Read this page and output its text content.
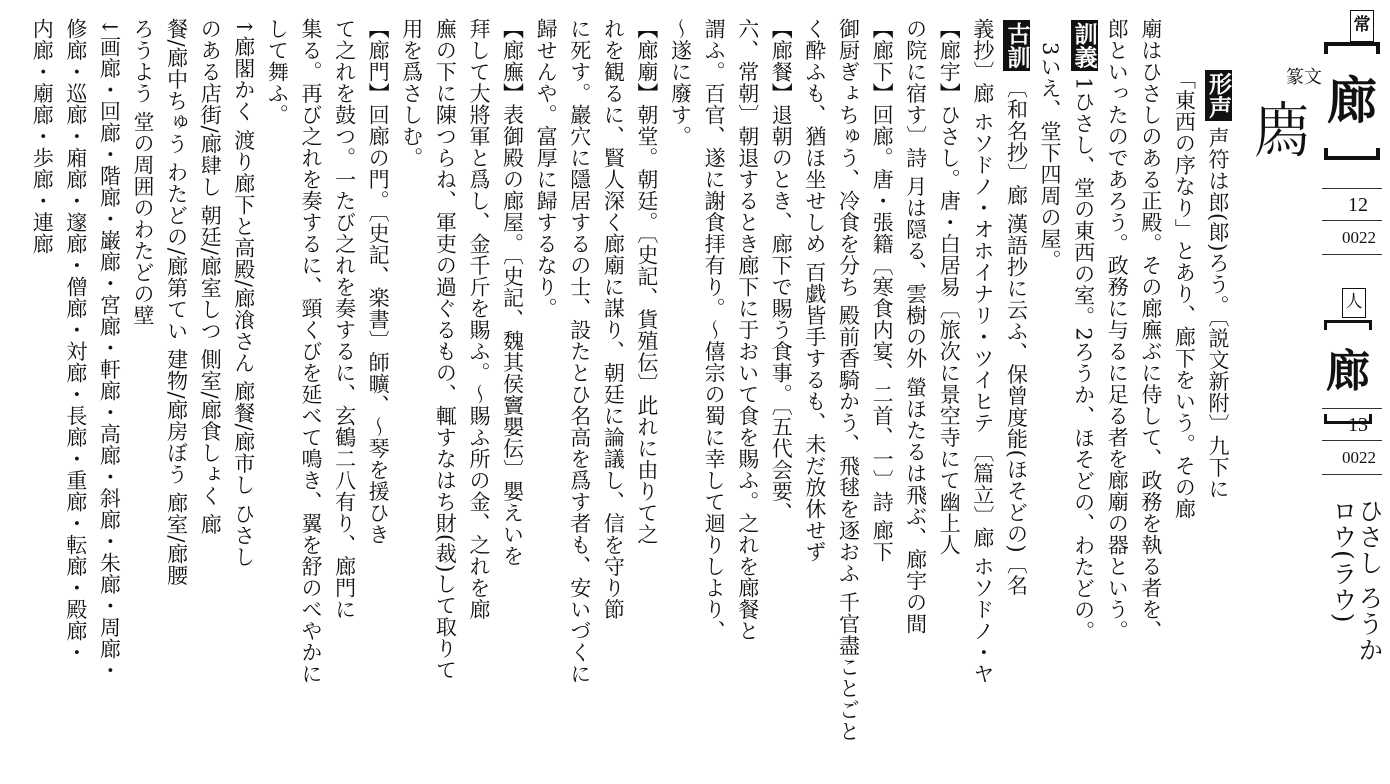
常
廊
篆文
𢊁
12
0022
人
廊
13
0022
ロウ(ラウ)
ひさし ろうか
形声声符は郎(郞)ろう。〔説文新附〕九下に
「東西の序なり」とあり、廊下をいう。その廊
廟はひさしのある正殿。その廊廡ぶに侍して、政務を執る者を、
郎といったのであろう。政務に与るに足る者を廊廟の器という。
訓義1ひさし、堂の東西の室。2ろうか、ほそどの、わたどの。
3いえ、堂下四周の屋。
古訓〔和名抄〕廊 漢語抄に云ふ、保曾度能(ほそどの)〔名
義抄〕廊 ホソドノ・オホイナリ・ツイヒテ 〔篇立〕廊 ホソドノ・ヤ
【廊宇】ひさし。唐・白居易〔旅次に景空寺にて幽上人
の院に宿す〕詩 月は隠る、雲樹の外 螢ほたるは飛ぶ、廊宇の間
【廊下】回廊。唐・張籍〔寒食内宴、二首、一〕詩 廊下
御厨ぎょちゅう、冷食を分ち 殿前香騎かう、飛毬を逐おふ 千官盡ことごと
く酔ふも、猶ほ坐せしめ 百戯皆手するも、未だ放休せず
【廊餐】退朝のとき、廊下で賜う食事。〔五代会要、
六、常朝〕朝退するとき廊下に于おいて食を賜ふ。之れを廊餐と
謂ふ。百官、遂に謝食拝有り。〜僖宗の蜀に幸して迴りしより、
〜遂に廢す。
【廊廟】朝堂。朝廷。〔史記、貨殖伝〕此れに由りて之
れを観るに、賢人深く廊廟に謀り、朝廷に論議し、信を守り節
に死す。巖穴に隱居するの士、設たとひ名高を爲す者も、安いづくに
歸せんや。富厚に歸するなり。
【廊廡】表御殿の廊屋。〔史記、魏其侯竇嬰伝〕嬰えいを
拜して大將軍と爲し、金千斤を賜ふ。〜賜ふ所の金、之れを廊
廡の下に陳つらね、軍吏の過ぐるもの、輒すなはち財(裁)して取りて
用を爲さしむ。
【廊門】回廊の門。〔史記、楽書〕師曠、〜琴を援ひき
て之れを鼓つ。一たび之れを奏するに、玄鶴二八有り、廊門に
集る。再び之れを奏するに、頸くびを延べて鳴き、翼を舒のべやかに
して舞ふ。
↑廊閣かく 渡り廊下と高殿/廊湌さん 廊餐/廊市し ひさし
のある店街/廊肆し 朝廷/廊室しつ 側室/廊食しょく 廊
餐/廊中ちゅう わたどの/廊第てい 建物/廊房ぼう 廊室/廊腰
ろうよう 堂の周囲のわたどの壁
↓画廊・回廊・階廊・巌廊・宮廊・軒廊・高廊・斜廊・朱廊・周廊・
修廊・巡廊・廂廊・邃廊・僧廊・対廊・長廊・重廊・転廊・殿廊・
内廊・廟廊・歩廊・連廊
